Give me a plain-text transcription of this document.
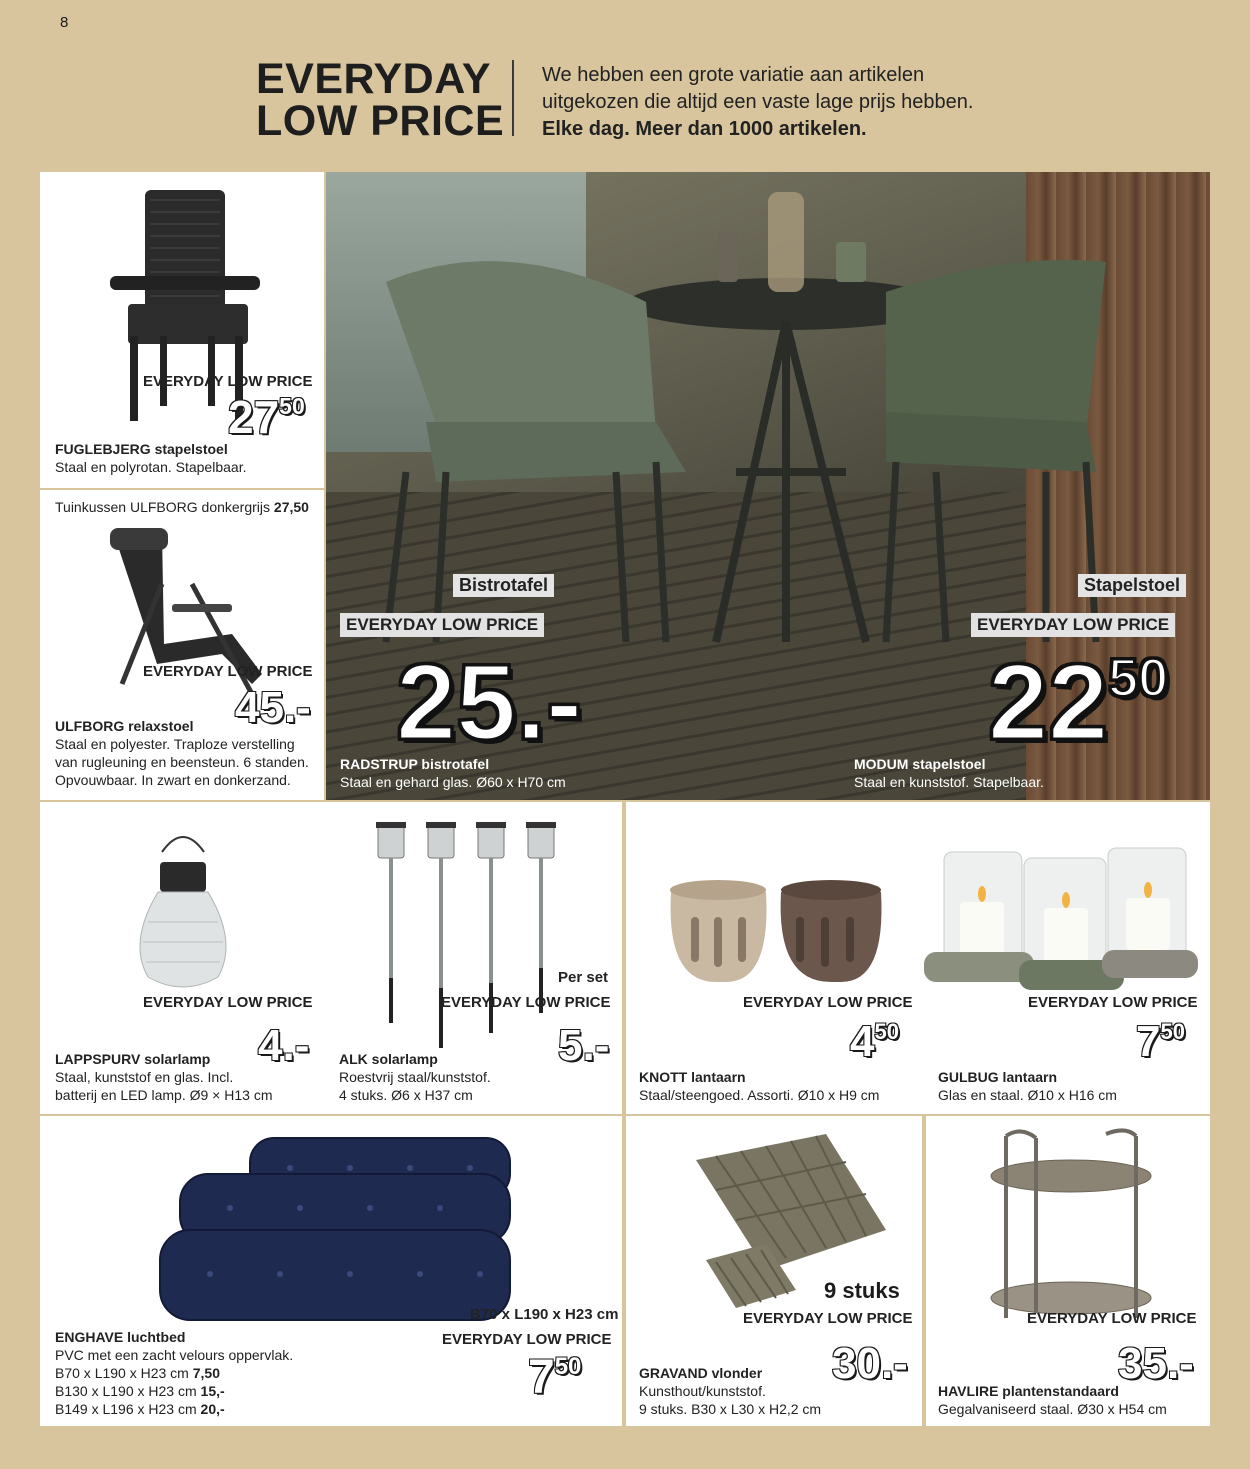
8
EVERYDAY
LOW PRICE
We hebben een grote variatie aan artikelen
uitgekozen die altijd een vaste lage prijs hebben.
Elke dag. Meer dan 1000 artikelen.
EVERYDAY LOW PRICE
$27^{50}$
FUGLEBJERG stapelstoel
Staal en polyrotan. Stapelbaar.
Tuinkussen ULFBORG donkergrijs 27,50
EVERYDAY LOW PRICE
45.-
ULFBORG relaxstoel
Staal en polyester. Traploze verstelling
van rugleuning en beensteun. 6 standen.
Opvouwbaar. In zwart en donkerzand.
Bistrotafel
EVERYDAY LOW PRICE
25.-
RADSTRUP bistrotafel
Staal en gehard glas. Ø60 x H70 cm
Stapelstoel
EVERYDAY LOW PRICE
$22^{50}$
MODUM stapelstoel
Staal en kunststof. Stapelbaar.
EVERYDAY LOW PRICE
4.-
LAPPSPURV solarlamp
Staal, kunststof en glas. Incl.
batterij en LED lamp. Ø9 × H13 cm
Per set
EVERYDAY LOW PRICE
5.-
ALK solarlamp
Roestvrij staal/kunststof.
4 stuks. Ø6 x H37 cm
EVERYDAY LOW PRICE
$4^{50}$
KNOTT lantaarn
Staal/steengoed. Assorti. Ø10 x H9 cm
EVERYDAY LOW PRICE
$7^{50}$
GULBUG lantaarn
Glas en staal. Ø10 x H16 cm
B70 x L190 x H23 cm
EVERYDAY LOW PRICE
$7^{50}$
ENGHAVE luchtbed
PVC met een zacht velours oppervlak.
B70 x L190 x H23 cm 7,50
B130 x L190 x H23 cm 15,-
B149 x L196 x H23 cm 20,-
9 stuks
EVERYDAY LOW PRICE
30.-
GRAVAND vlonder
Kunsthout/kunststof.
9 stuks. B30 x L30 x H2,2 cm
EVERYDAY LOW PRICE
35.-
HAVLIRE plantenstandaard
Gegalvaniseerd staal. Ø30 x H54 cm
